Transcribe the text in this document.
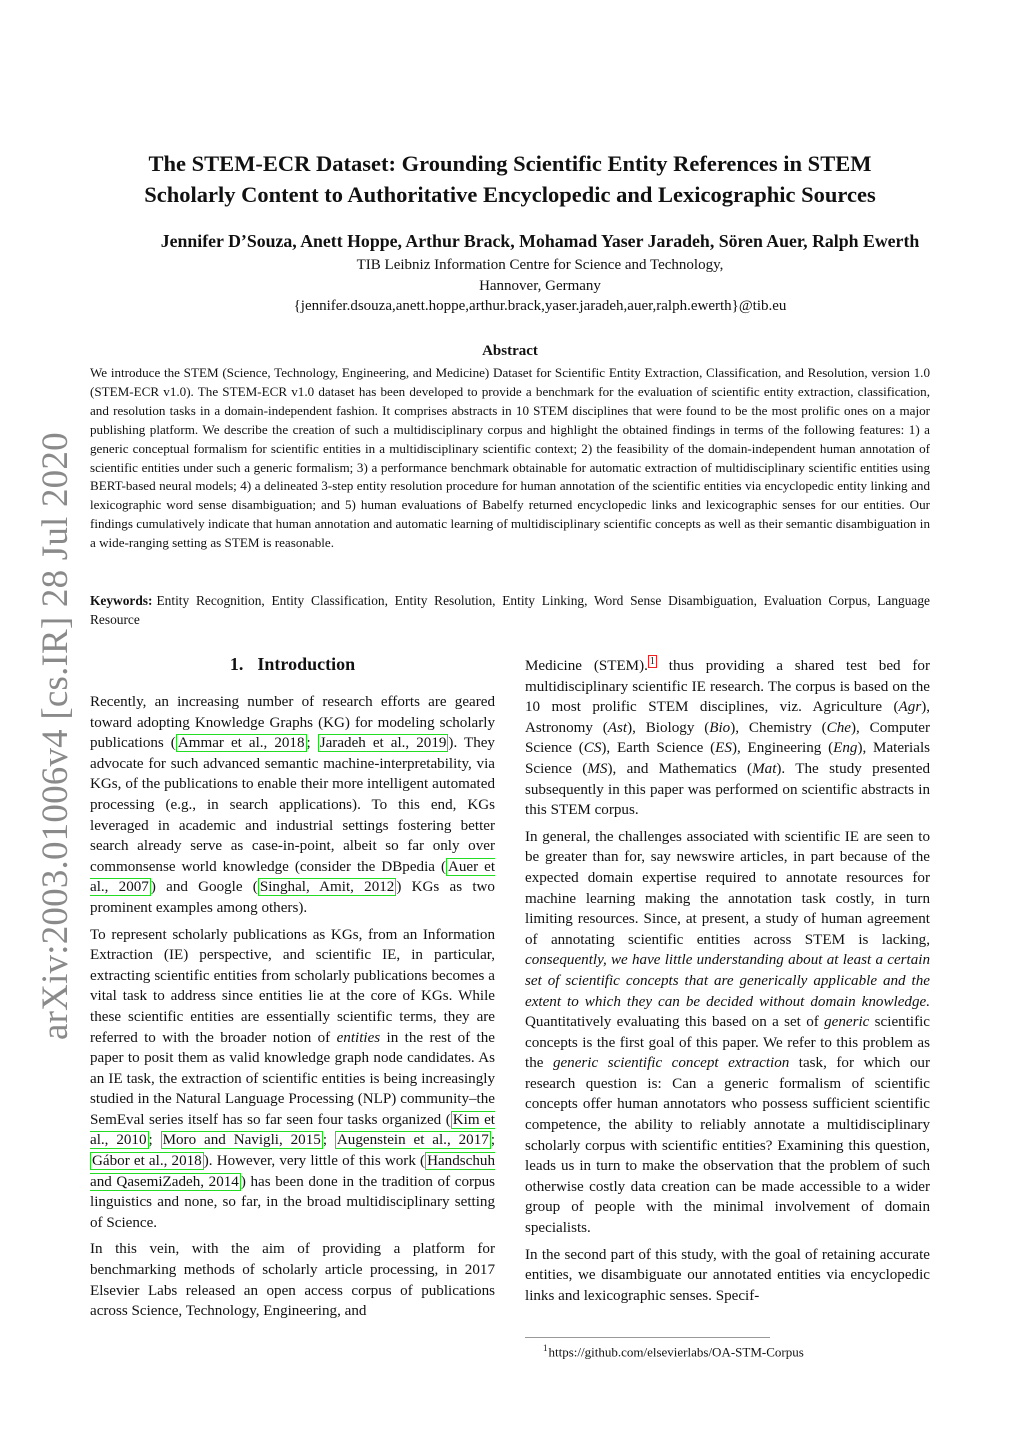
arXiv:2003.01006v4 [cs.IR] 28 Jul 2020

The STEM-ECR Dataset: Grounding Scientific Entity References in STEM

Scholarly Content to Authoritative Encyclopedic and Lexicographic Sources

Jennifer D’Souza, Anett Hoppe, Arthur Brack, Mohamad Yaser Jaradeh, Sören Auer, Ralph Ewerth
TIB Leibniz Information Centre for Science and Technology,
Hannover, Germany
{jennifer.dsouza,anett.hoppe,arthur.brack,yaser.jaradeh,auer,ralph.ewerth}@tib.eu
Abstract

We introduce the STEM (Science, Technology, Engineering, and Medicine) Dataset for Scientific Entity Extraction, Classification, and Resolution, version 1.0 (STEM-ECR v1.0). The STEM-ECR v1.0 dataset has been developed to provide a benchmark for the evaluation of scientific entity extraction, classification, and resolution tasks in a domain-independent fashion. It comprises abstracts in 10 STEM disciplines that were found to be the most prolific ones on a major publishing platform. We describe the creation of such a multidisciplinary corpus and highlight the obtained findings in terms of the following features: 1) a generic conceptual formalism for scientific entities in a multidisciplinary scientific context; 2) the feasibility of the domain-independent human annotation of scientific entities under such a generic formalism; 3) a performance benchmark obtainable for automatic extraction of multidisciplinary scientific entities using BERT-based neural models; 4) a delineated 3-step entity resolution procedure for human annotation of the scientific entities via encyclopedic entity linking and lexicographic word sense disambiguation; and 5) human evaluations of Babelfy returned encyclopedic links and lexicographic senses for our entities. Our findings cumulatively indicate that human annotation and automatic learning of multidisciplinary scientific concepts as well as their semantic disambiguation in a wide-ranging setting as STEM is reasonable.

Keywords: Entity Recognition, Entity Classification, Entity Resolution, Entity Linking, Word Sense Disambiguation, Evaluation Corpus, Language Resource

1. Introduction

Recently, an increasing number of research efforts are geared toward adopting Knowledge Graphs (KG) for modeling scholarly publications ( Ammar et al., 2018 ; Jaradeh et al., 2019 ). They advocate for such advanced semantic machine-interpretability, via KGs, of the publications to enable their more intelligent automated processing (e.g., in search applications). To this end, KGs leveraged in academic and industrial settings fostering better search already serve as case-in-point, albeit so far only over commonsense world knowledge (consider the DBpedia ( Auer et al., 2007 ) and Google ( Singhal, Amit, 2012 ) KGs as two prominent examples among others).

To represent scholarly publications as KGs, from an Information Extraction (IE) perspective, and scientific IE, in particular, extracting scientific entities from scholarly publications becomes a vital task to address since entities lie at the core of KGs. While these scientific entities are essentially scientific terms, they are referred to with the broader notion of entities in the rest of the paper to posit them as valid knowledge graph node candidates. As an IE task, the extraction of scientific entities is being increasingly studied in the Natural Language Processing (NLP) community–the SemEval series itself has so far seen four tasks organized ( Kim et al., 2010 ; Moro and Navigli, 2015 ; Augenstein et al., 2017 ; Gábor et al., 2018 ). However, very little of this work ( Handschuh and QasemiZadeh, 2014 ) has been done in the tradition of corpus linguistics and none, so far, in the broad multidisciplinary setting of Science.

In this vein, with the aim of providing a platform for benchmarking methods of scholarly article processing, in 2017 Elsevier Labs released an open access corpus of publications across Science, Technology, Engineering, and

Medicine (STEM). $^1$ thus providing a shared test bed for multidisciplinary scientific IE research. The corpus is based on the 10 most prolific STEM disciplines, viz. Agriculture (Agr), Astronomy (Ast), Biology (Bio), Chemistry (Che), Computer Science (CS), Earth Science (ES), Engineering (Eng), Materials Science (MS), and Mathematics (Mat). The study presented subsequently in this paper was performed on scientific abstracts in this STEM corpus.

In general, the challenges associated with scientific IE are seen to be greater than for, say newswire articles, in part because of the expected domain expertise required to annotate resources for machine learning making the annotation task costly, in turn limiting resources. Since, at present, a study of human agreement of annotating scientific entities across STEM is lacking, consequently, we have little understanding about at least a certain set of scientific concepts that are generically applicable and the extent to which they can be decided without domain knowledge. Quantitatively evaluating this based on a set of generic scientific concepts is the first goal of this paper. We refer to this problem as the generic scientific concept extraction task, for which our research question is: Can a generic formalism of scientific concepts offer human annotators who possess sufficient scientific competence, the ability to reliably annotate a multidisciplinary scholarly corpus with scientific entities? Examining this question, leads us in turn to make the observation that the problem of such otherwise costly data creation can be made accessible to a wider group of people with the minimal involvement of domain specialists.

In the second part of this study, with the goal of retaining accurate entities, we disambiguate our annotated entities via encyclopedic links and lexicographic senses. Specif-

$^1$https://github.com/elsevierlabs/OA-STM-Corpus
